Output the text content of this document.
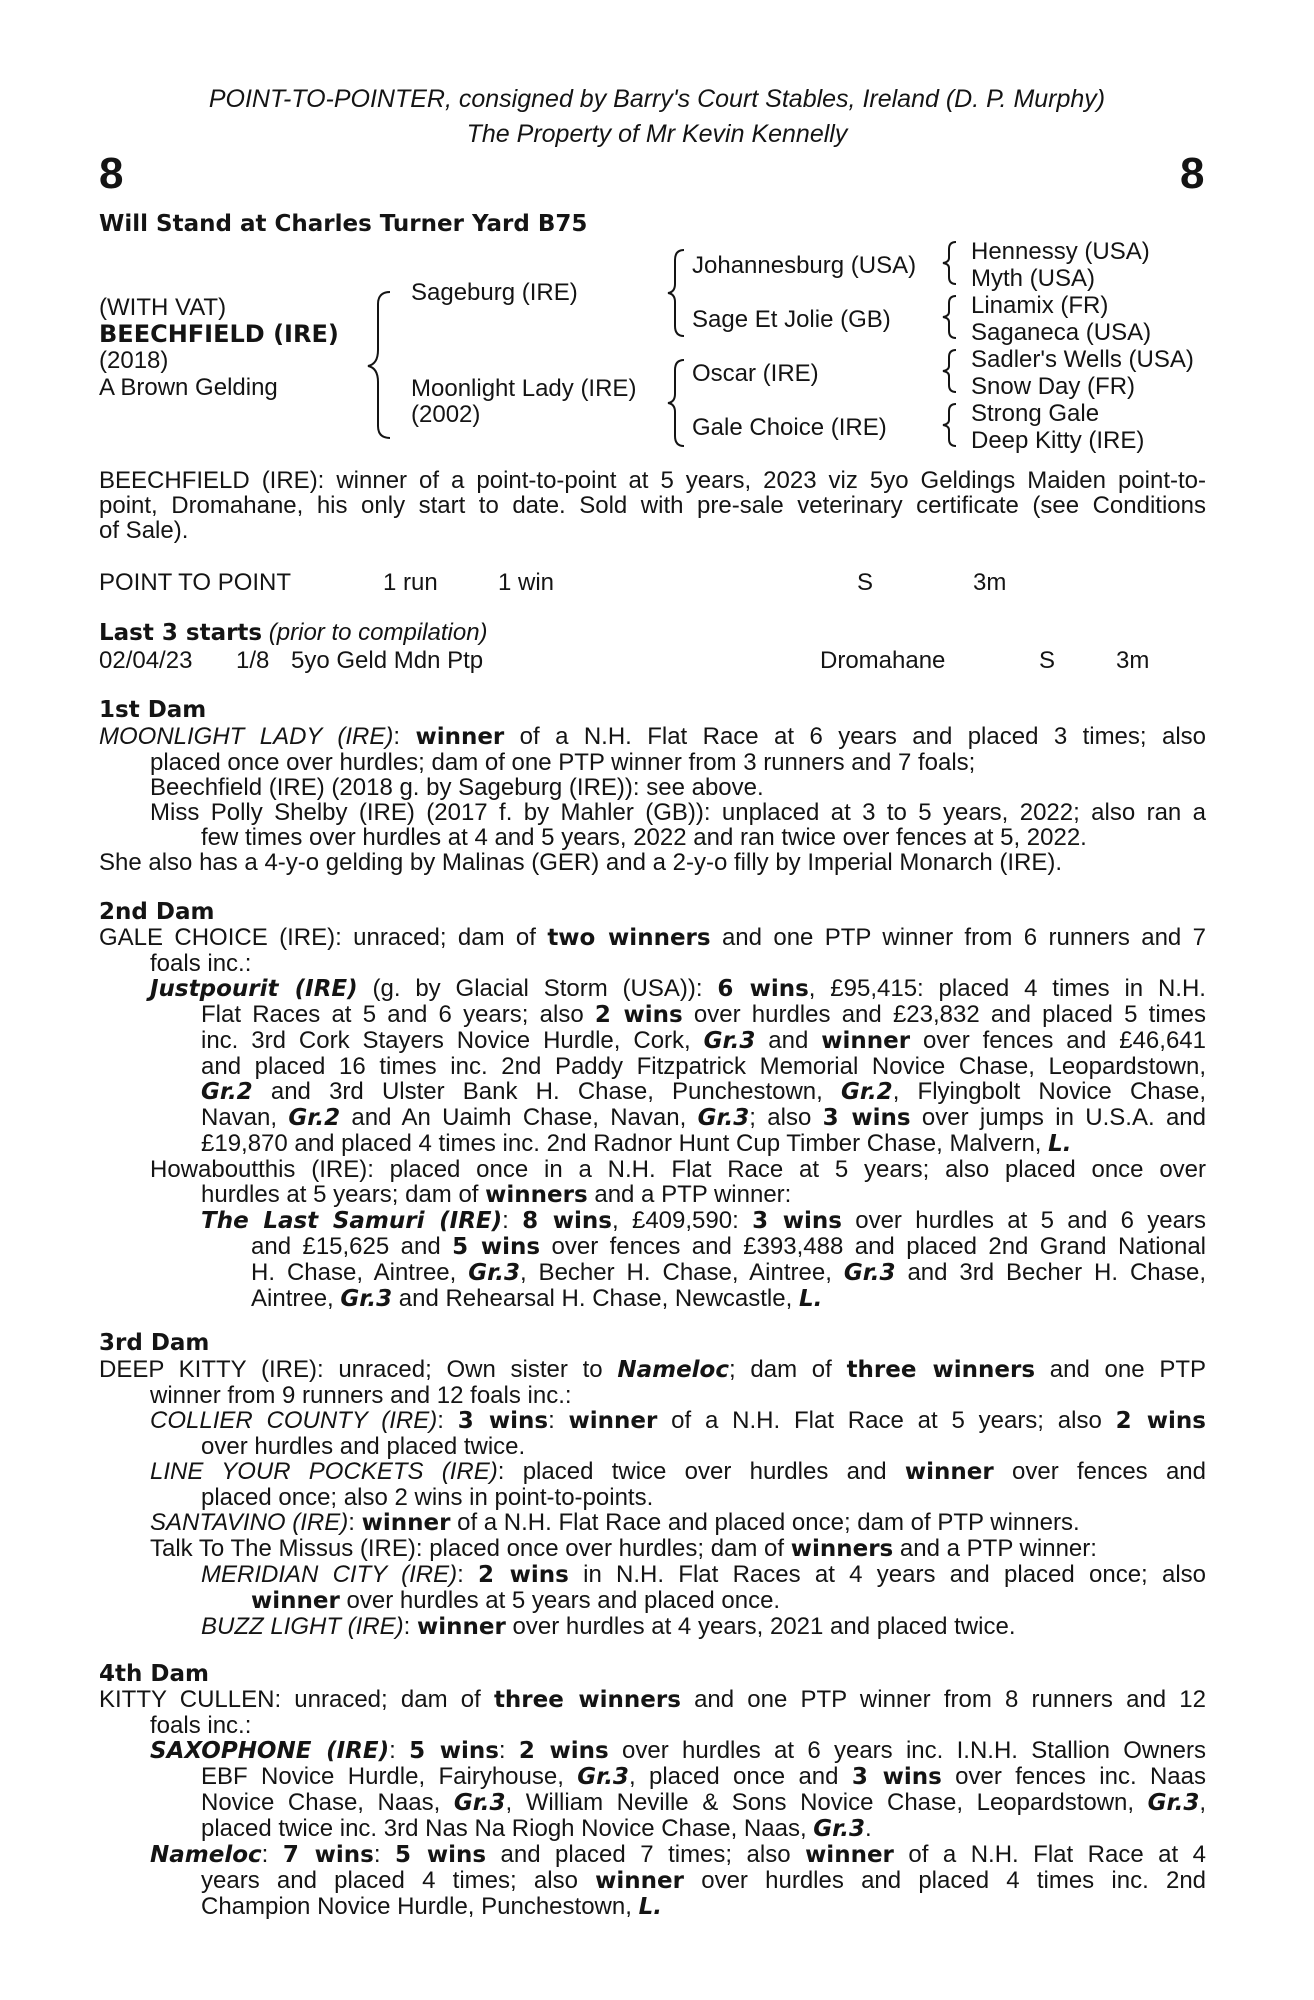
POINT-TO-POINTER, consigned by Barry's Court Stables, Ireland (D. P. Murphy)
The Property of Mr Kevin Kennelly
8	8
Will Stand at Charles Turner Yard B75
(WITH VAT)
BEECHFIELD (IRE)
(2018)
A Brown Gelding
Sageburg (IRE)
Moonlight Lady (IRE)
(2002)
Johannesburg (USA)
Sage Et Jolie (GB)
Oscar (IRE)
Gale Choice (IRE)
Hennessy (USA)
Myth (USA)
Linamix (FR)
Saganeca (USA)
Sadler's Wells (USA)
Snow Day (FR)
Strong Gale
Deep Kitty (IRE)
BEECHFIELD (IRE): winner of a point-to-point at 5 years, 2023 viz 5yo Geldings Maiden point-to-
point, Dromahane, his only start to date. Sold with pre-sale veterinary certificate (see Conditions
of Sale).
POINT TO POINT	1 run	1 win	S	3m
Last 3 starts (prior to compilation)
02/04/23 1/8 5yo Geld Mdn Ptp	Dromahane	S	3m
1st Dam
MOONLIGHT LADY (IRE): winner of a N.H. Flat Race at 6 years and placed 3 times; also
placed once over hurdles; dam of one PTP winner from 3 runners and 7 foals;
Beechfield (IRE) (2018 g. by Sageburg (IRE)): see above.
Miss Polly Shelby (IRE) (2017 f. by Mahler (GB)): unplaced at 3 to 5 years, 2022; also ran a
few times over hurdles at 4 and 5 years, 2022 and ran twice over fences at 5, 2022.
She also has a 4-y-o gelding by Malinas (GER) and a 2-y-o filly by Imperial Monarch (IRE).
2nd Dam
GALE CHOICE (IRE): unraced; dam of two winners and one PTP winner from 6 runners and 7
foals inc.:
Justpourit (IRE) (g. by Glacial Storm (USA)): 6 wins, £95,415: placed 4 times in N.H.
Flat Races at 5 and 6 years; also 2 wins over hurdles and £23,832 and placed 5 times
inc. 3rd Cork Stayers Novice Hurdle, Cork, Gr.3 and winner over fences and £46,641
and placed 16 times inc. 2nd Paddy Fitzpatrick Memorial Novice Chase, Leopardstown,
Gr.2 and 3rd Ulster Bank H. Chase, Punchestown, Gr.2, Flyingbolt Novice Chase,
Navan, Gr.2 and An Uaimh Chase, Navan, Gr.3; also 3 wins over jumps in U.S.A. and
£19,870 and placed 4 times inc. 2nd Radnor Hunt Cup Timber Chase, Malvern, L.
Howaboutthis (IRE): placed once in a N.H. Flat Race at 5 years; also placed once over
hurdles at 5 years; dam of winners and a PTP winner:
The Last Samuri (IRE): 8 wins, £409,590: 3 wins over hurdles at 5 and 6 years
and £15,625 and 5 wins over fences and £393,488 and placed 2nd Grand National
H. Chase, Aintree, Gr.3, Becher H. Chase, Aintree, Gr.3 and 3rd Becher H. Chase,
Aintree, Gr.3 and Rehearsal H. Chase, Newcastle, L.
3rd Dam
DEEP KITTY (IRE): unraced; Own sister to Nameloc; dam of three winners and one PTP
winner from 9 runners and 12 foals inc.:
COLLIER COUNTY (IRE): 3 wins: winner of a N.H. Flat Race at 5 years; also 2 wins
over hurdles and placed twice.
LINE YOUR POCKETS (IRE): placed twice over hurdles and winner over fences and
placed once; also 2 wins in point-to-points.
SANTAVINO (IRE): winner of a N.H. Flat Race and placed once; dam of PTP winners.
Talk To The Missus (IRE): placed once over hurdles; dam of winners and a PTP winner:
MERIDIAN CITY (IRE): 2 wins in N.H. Flat Races at 4 years and placed once; also
winner over hurdles at 5 years and placed once.
BUZZ LIGHT (IRE): winner over hurdles at 4 years, 2021 and placed twice.
4th Dam
KITTY CULLEN: unraced; dam of three winners and one PTP winner from 8 runners and 12
foals inc.:
SAXOPHONE (IRE): 5 wins: 2 wins over hurdles at 6 years inc. I.N.H. Stallion Owners
EBF Novice Hurdle, Fairyhouse, Gr.3, placed once and 3 wins over fences inc. Naas
Novice Chase, Naas, Gr.3, William Neville & Sons Novice Chase, Leopardstown, Gr.3,
placed twice inc. 3rd Nas Na Riogh Novice Chase, Naas, Gr.3.
Nameloc: 7 wins: 5 wins and placed 7 times; also winner of a N.H. Flat Race at 4
years and placed 4 times; also winner over hurdles and placed 4 times inc. 2nd
Champion Novice Hurdle, Punchestown, L.
